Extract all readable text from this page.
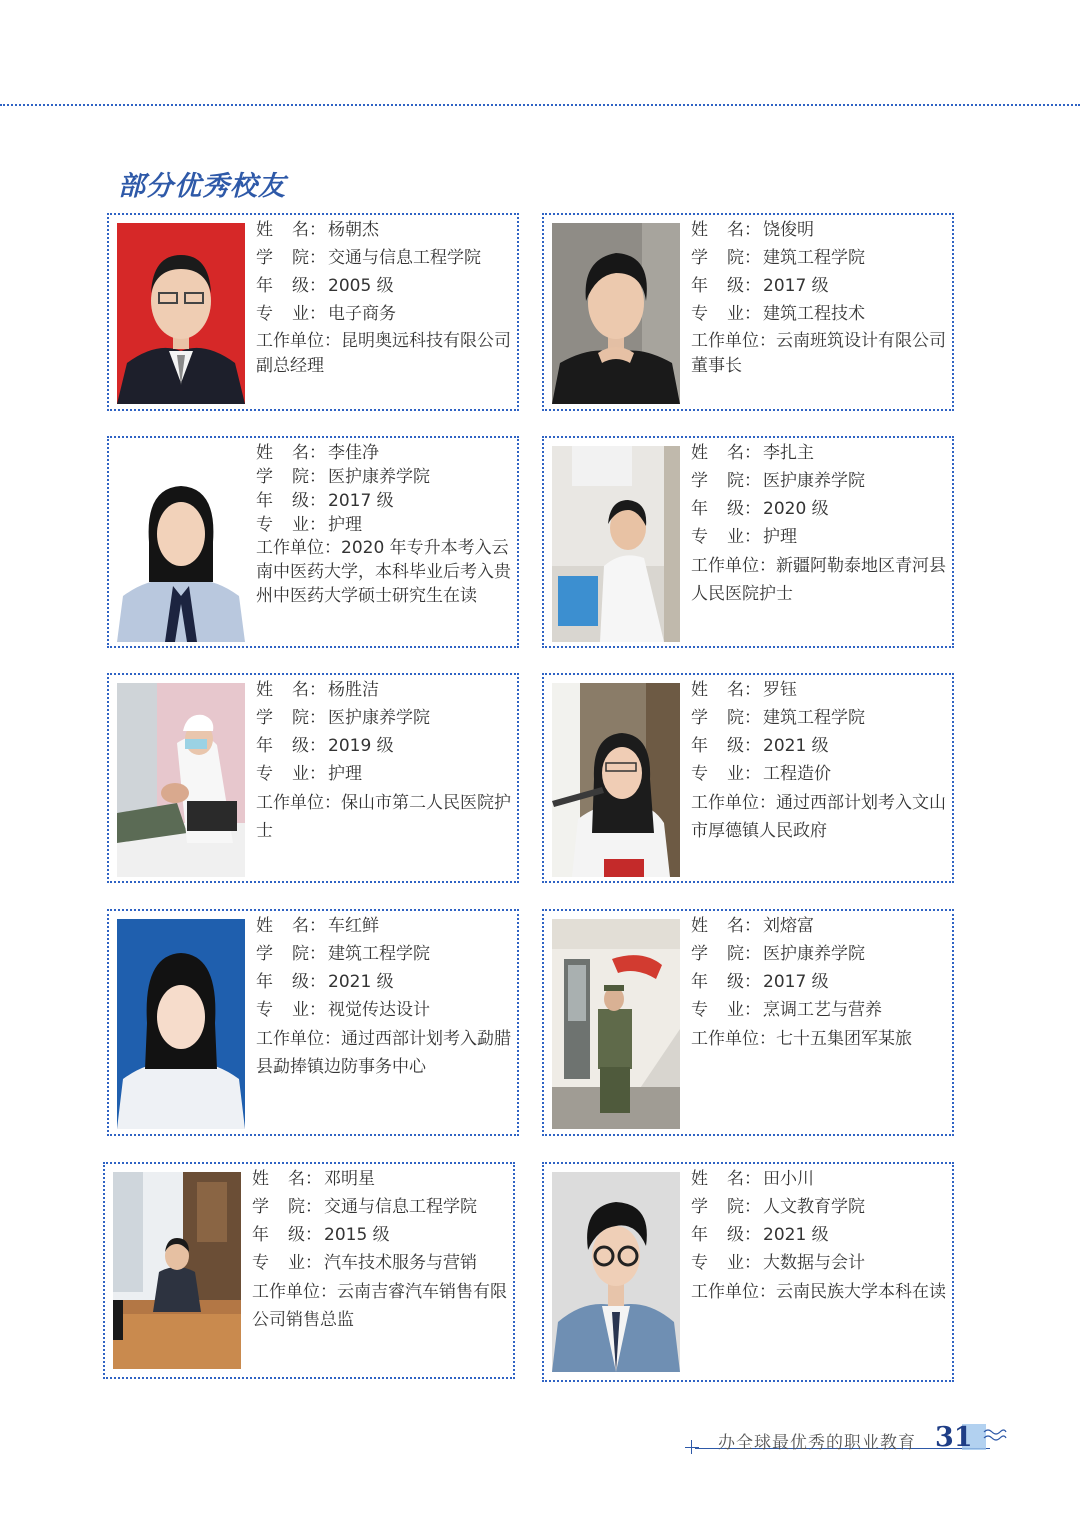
部分优秀校友
姓 名： 杨朝杰
学 院： 交通与信息工程学院
年 级： 2005 级
专 业： 电子商务
工作单位：昆明奥远科技有限公司副总经理
姓 名： 饶俊明
学 院： 建筑工程学院
年 级： 2017 级
专 业： 建筑工程技术
工作单位：云南班筑设计有限公司董事长
姓 名： 李佳净
学 院： 医护康养学院
年 级： 2017 级
专 业： 护理
工作单位：2020 年专升本考入云南中医药大学，本科毕业后考入贵州中医药大学硕士研究生在读
姓 名： 李扎主
学 院： 医护康养学院
年 级： 2020 级
专 业： 护理
工作单位：新疆阿勒泰地区青河县人民医院护士
姓 名： 杨胜洁
学 院： 医护康养学院
年 级： 2019 级
专 业： 护理
工作单位：保山市第二人民医院护士
姓 名： 罗钰
学 院： 建筑工程学院
年 级： 2021 级
专 业： 工程造价
工作单位：通过西部计划考入文山市厚德镇人民政府
姓 名： 车红鲜
学 院： 建筑工程学院
年 级： 2021 级
专 业： 视觉传达设计
工作单位：通过西部计划考入勐腊县勐捧镇边防事务中心
姓 名： 刘熔富
学 院： 医护康养学院
年 级： 2017 级
专 业： 烹调工艺与营养
工作单位：七十五集团军某旅
姓 名： 邓明星
学 院： 交通与信息工程学院
年 级： 2015 级
专 业： 汽车技术服务与营销
工作单位：云南吉睿汽车销售有限公司销售总监
姓 名： 田小川
学 院： 人文教育学院
年 级： 2021 级
专 业： 大数据与会计
工作单位：云南民族大学本科在读
办全球最优秀的职业教育 31
